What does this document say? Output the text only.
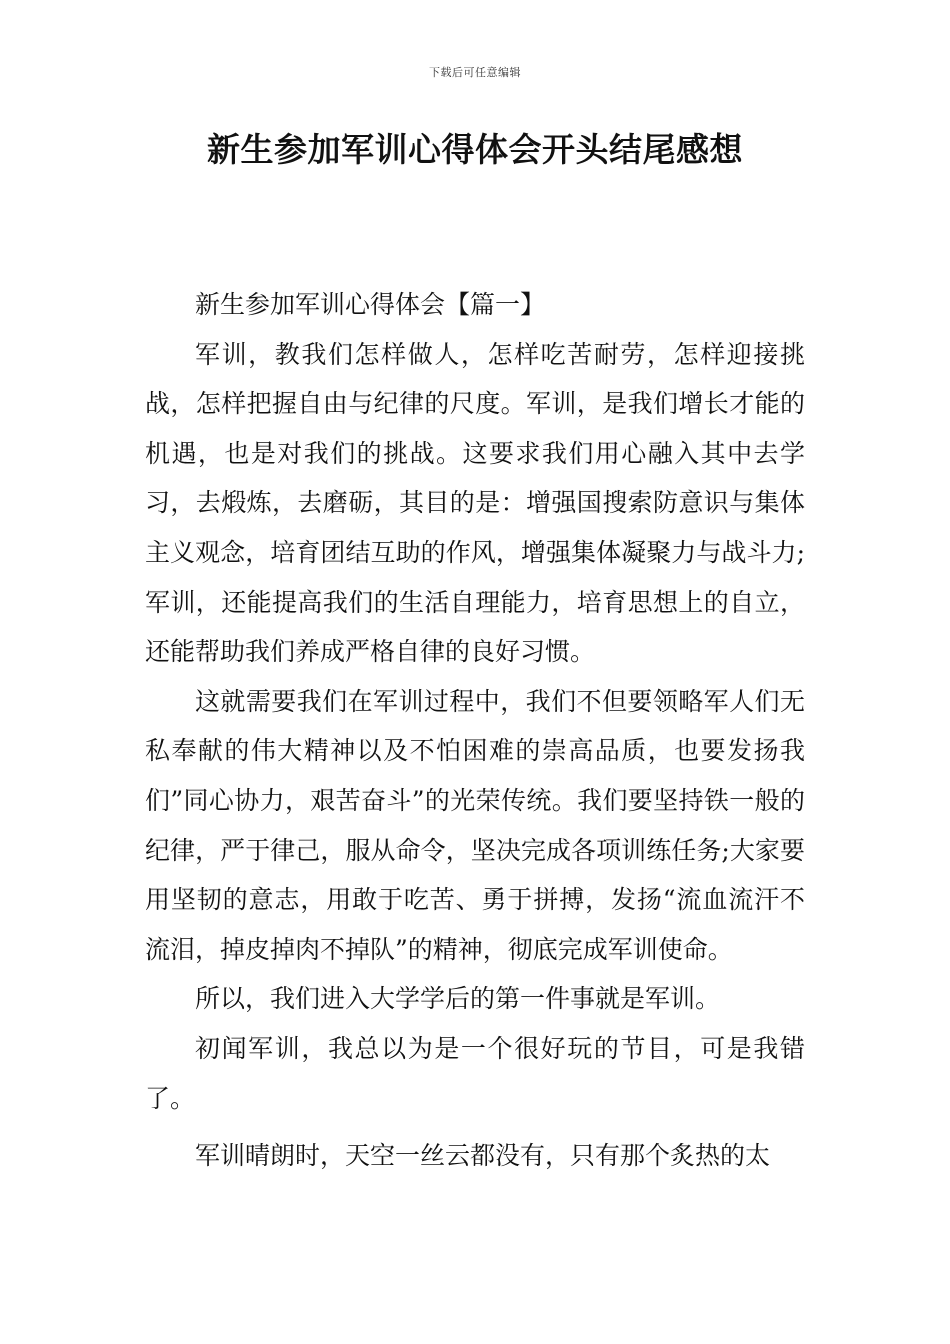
下载后可任意编辑
新生参加军训心得体会开头结尾感想

新生参加军训心得体会【篇一】

军训，教我们怎样做人，怎样吃苦耐劳，怎样迎接挑战，怎样把握自由与纪律的尺度。军训，是我们增长才能的机遇，也是对我们的挑战。这要求我们用心融入其中去学习，去煅炼，去磨砺，其目的是：增强国搜索防意识与集体主义观念，培育团结互助的作风，增强集体凝聚力与战斗力;军训，还能提高我们的生活自理能力，培育思想上的自立，还能帮助我们养成严格自律的良好习惯。

这就需要我们在军训过程中，我们不但要领略军人们无私奉献的伟大精神以及不怕困难的崇高品质，也要发扬我们”同心协力，艰苦奋斗”的光荣传统。我们要坚持铁一般的纪律，严于律己，服从命令，坚决完成各项训练任务;大家要用坚韧的意志，用敢于吃苦、勇于拼搏，发扬“流血流汗不流泪，掉皮掉肉不掉队”的精神，彻底完成军训使命。

所以，我们进入大学学后的第一件事就是军训。

初闻军训，我总以为是一个很好玩的节目，可是我错了。

军训晴朗时，天空一丝云都没有，只有那个炙热的太
